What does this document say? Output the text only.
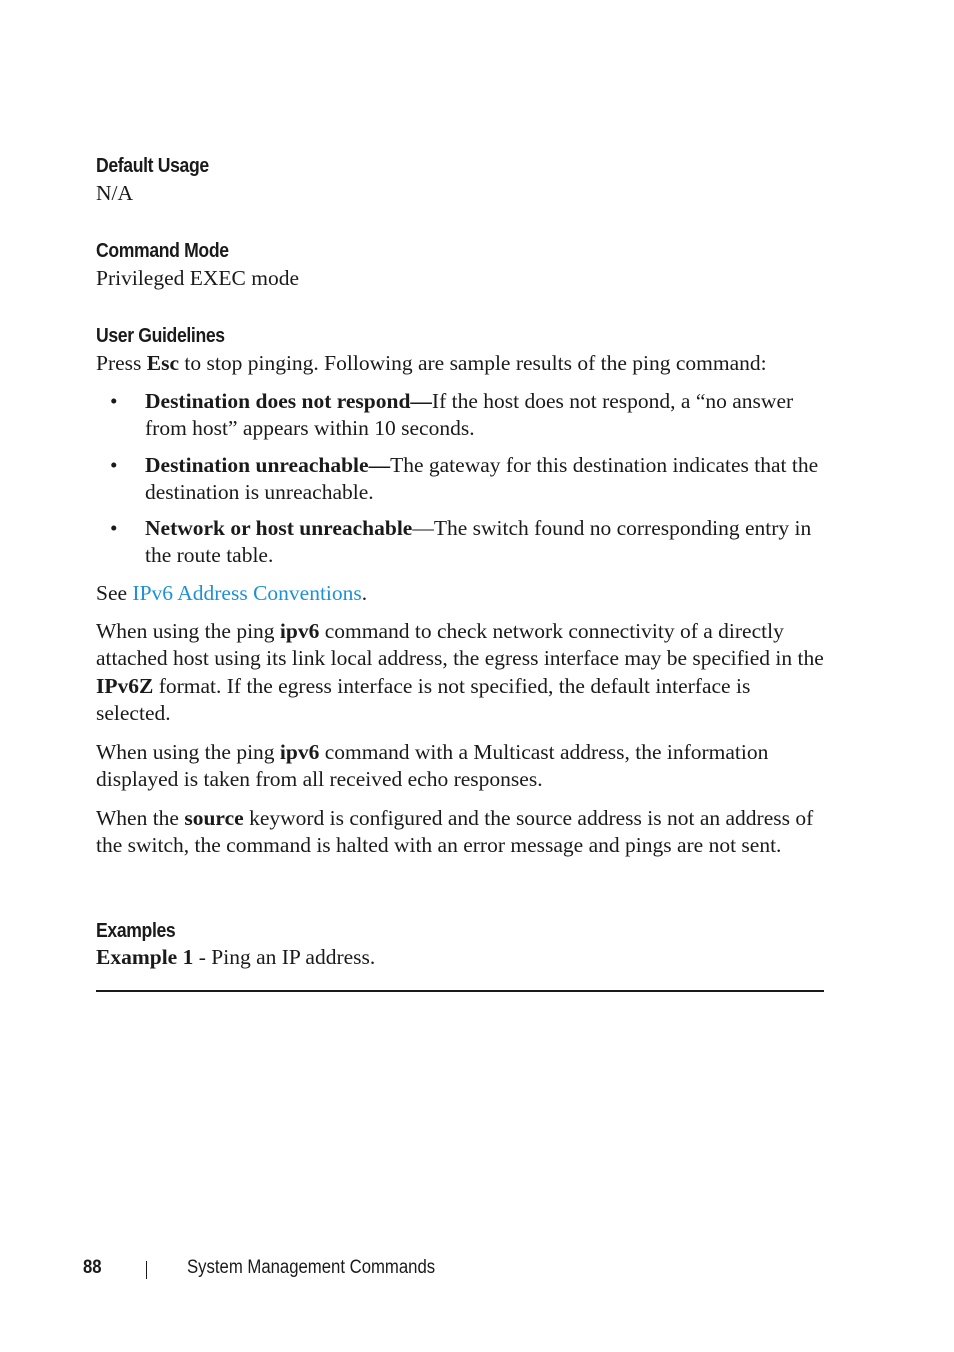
Default Usage
N/A
Command Mode
Privileged EXEC mode
User Guidelines
Press Esc to stop pinging. Following are sample results of the ping command:
• Destination does not respond—If the host does not respond, a “no answer from host” appears within 10 seconds.
• Destination unreachable—The gateway for this destination indicates that the destination is unreachable.
• Network or host unreachable—The switch found no corresponding entry in the route table.
See IPv6 Address Conventions.
When using the ping ipv6 command to check network connectivity of a directly attached host using its link local address, the egress interface may be specified in the IPv6Z format. If the egress interface is not specified, the default interface is selected.
When using the ping ipv6 command with a Multicast address, the information displayed is taken from all received echo responses.
When the source keyword is configured and the source address is not an address of the switch, the command is halted with an error message and pings are not sent.
Examples
Example 1 - Ping an IP address.
88	System Management Commands
